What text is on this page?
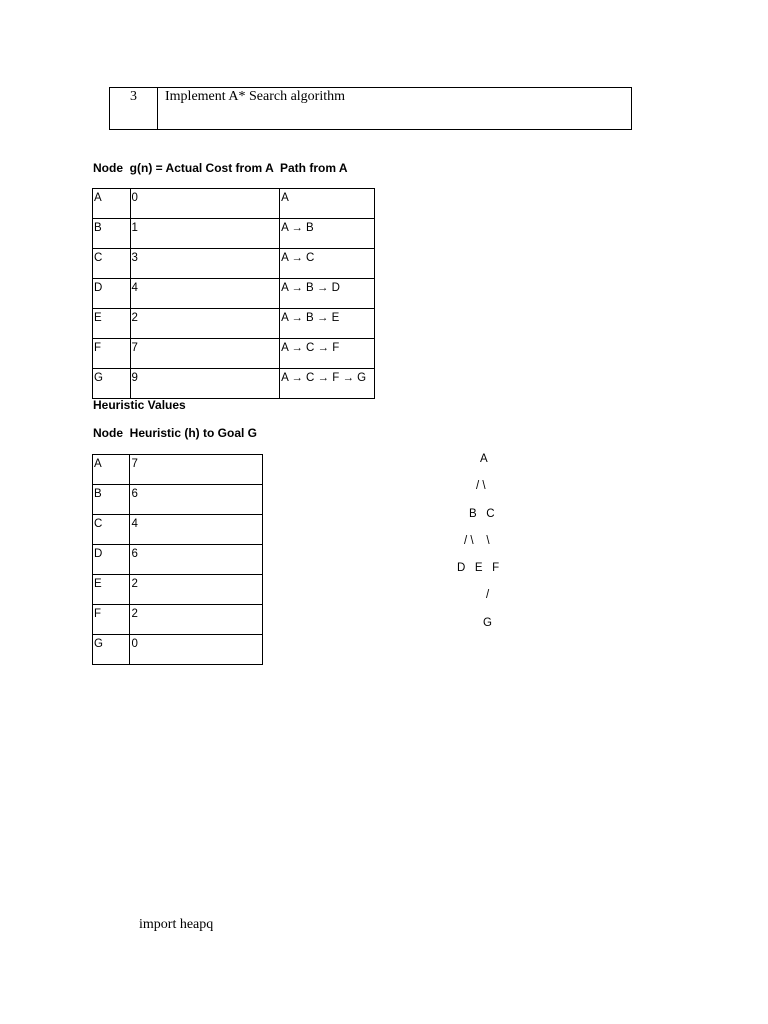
3	Implement A* Search algorithm
Node  g(n) = Actual Cost from A  Path from A
A	0	A
B	1	A → B
C	3	A → C
D	4	A → B → D
E	2	A → B → E
F	7	A → C → F
G	9	A → C → F → G
Heuristic Values
Node  Heuristic (h) to Goal G
A	7
B	6
C	4
D	6
E	2
F	2
G	0
A
/ \
B   C
/ \    \
D   E   F
/
G
import heapq
